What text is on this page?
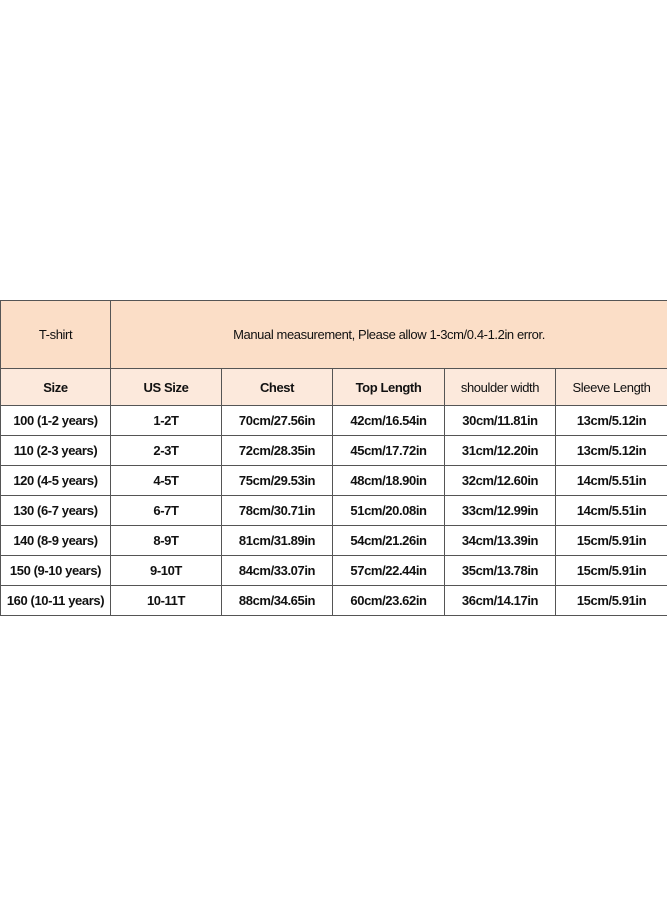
T-shirt	Manual measurement, Please allow 1-3cm/0.4-1.2in error.				
Size	US Size	Chest	Top Length	shoulder width	Sleeve Length
100 (1-2 years)	1-2T	70cm/27.56in	42cm/16.54in	30cm/11.81in	13cm/5.12in
110 (2-3 years)	2-3T	72cm/28.35in	45cm/17.72in	31cm/12.20in	13cm/5.12in
120 (4-5 years)	4-5T	75cm/29.53in	48cm/18.90in	32cm/12.60in	14cm/5.51in
130 (6-7 years)	6-7T	78cm/30.71in	51cm/20.08in	33cm/12.99in	14cm/5.51in
140 (8-9 years)	8-9T	81cm/31.89in	54cm/21.26in	34cm/13.39in	15cm/5.91in
150 (9-10 years)	9-10T	84cm/33.07in	57cm/22.44in	35cm/13.78in	15cm/5.91in
160 (10-11 years)	10-11T	88cm/34.65in	60cm/23.62in	36cm/14.17in	15cm/5.91in
